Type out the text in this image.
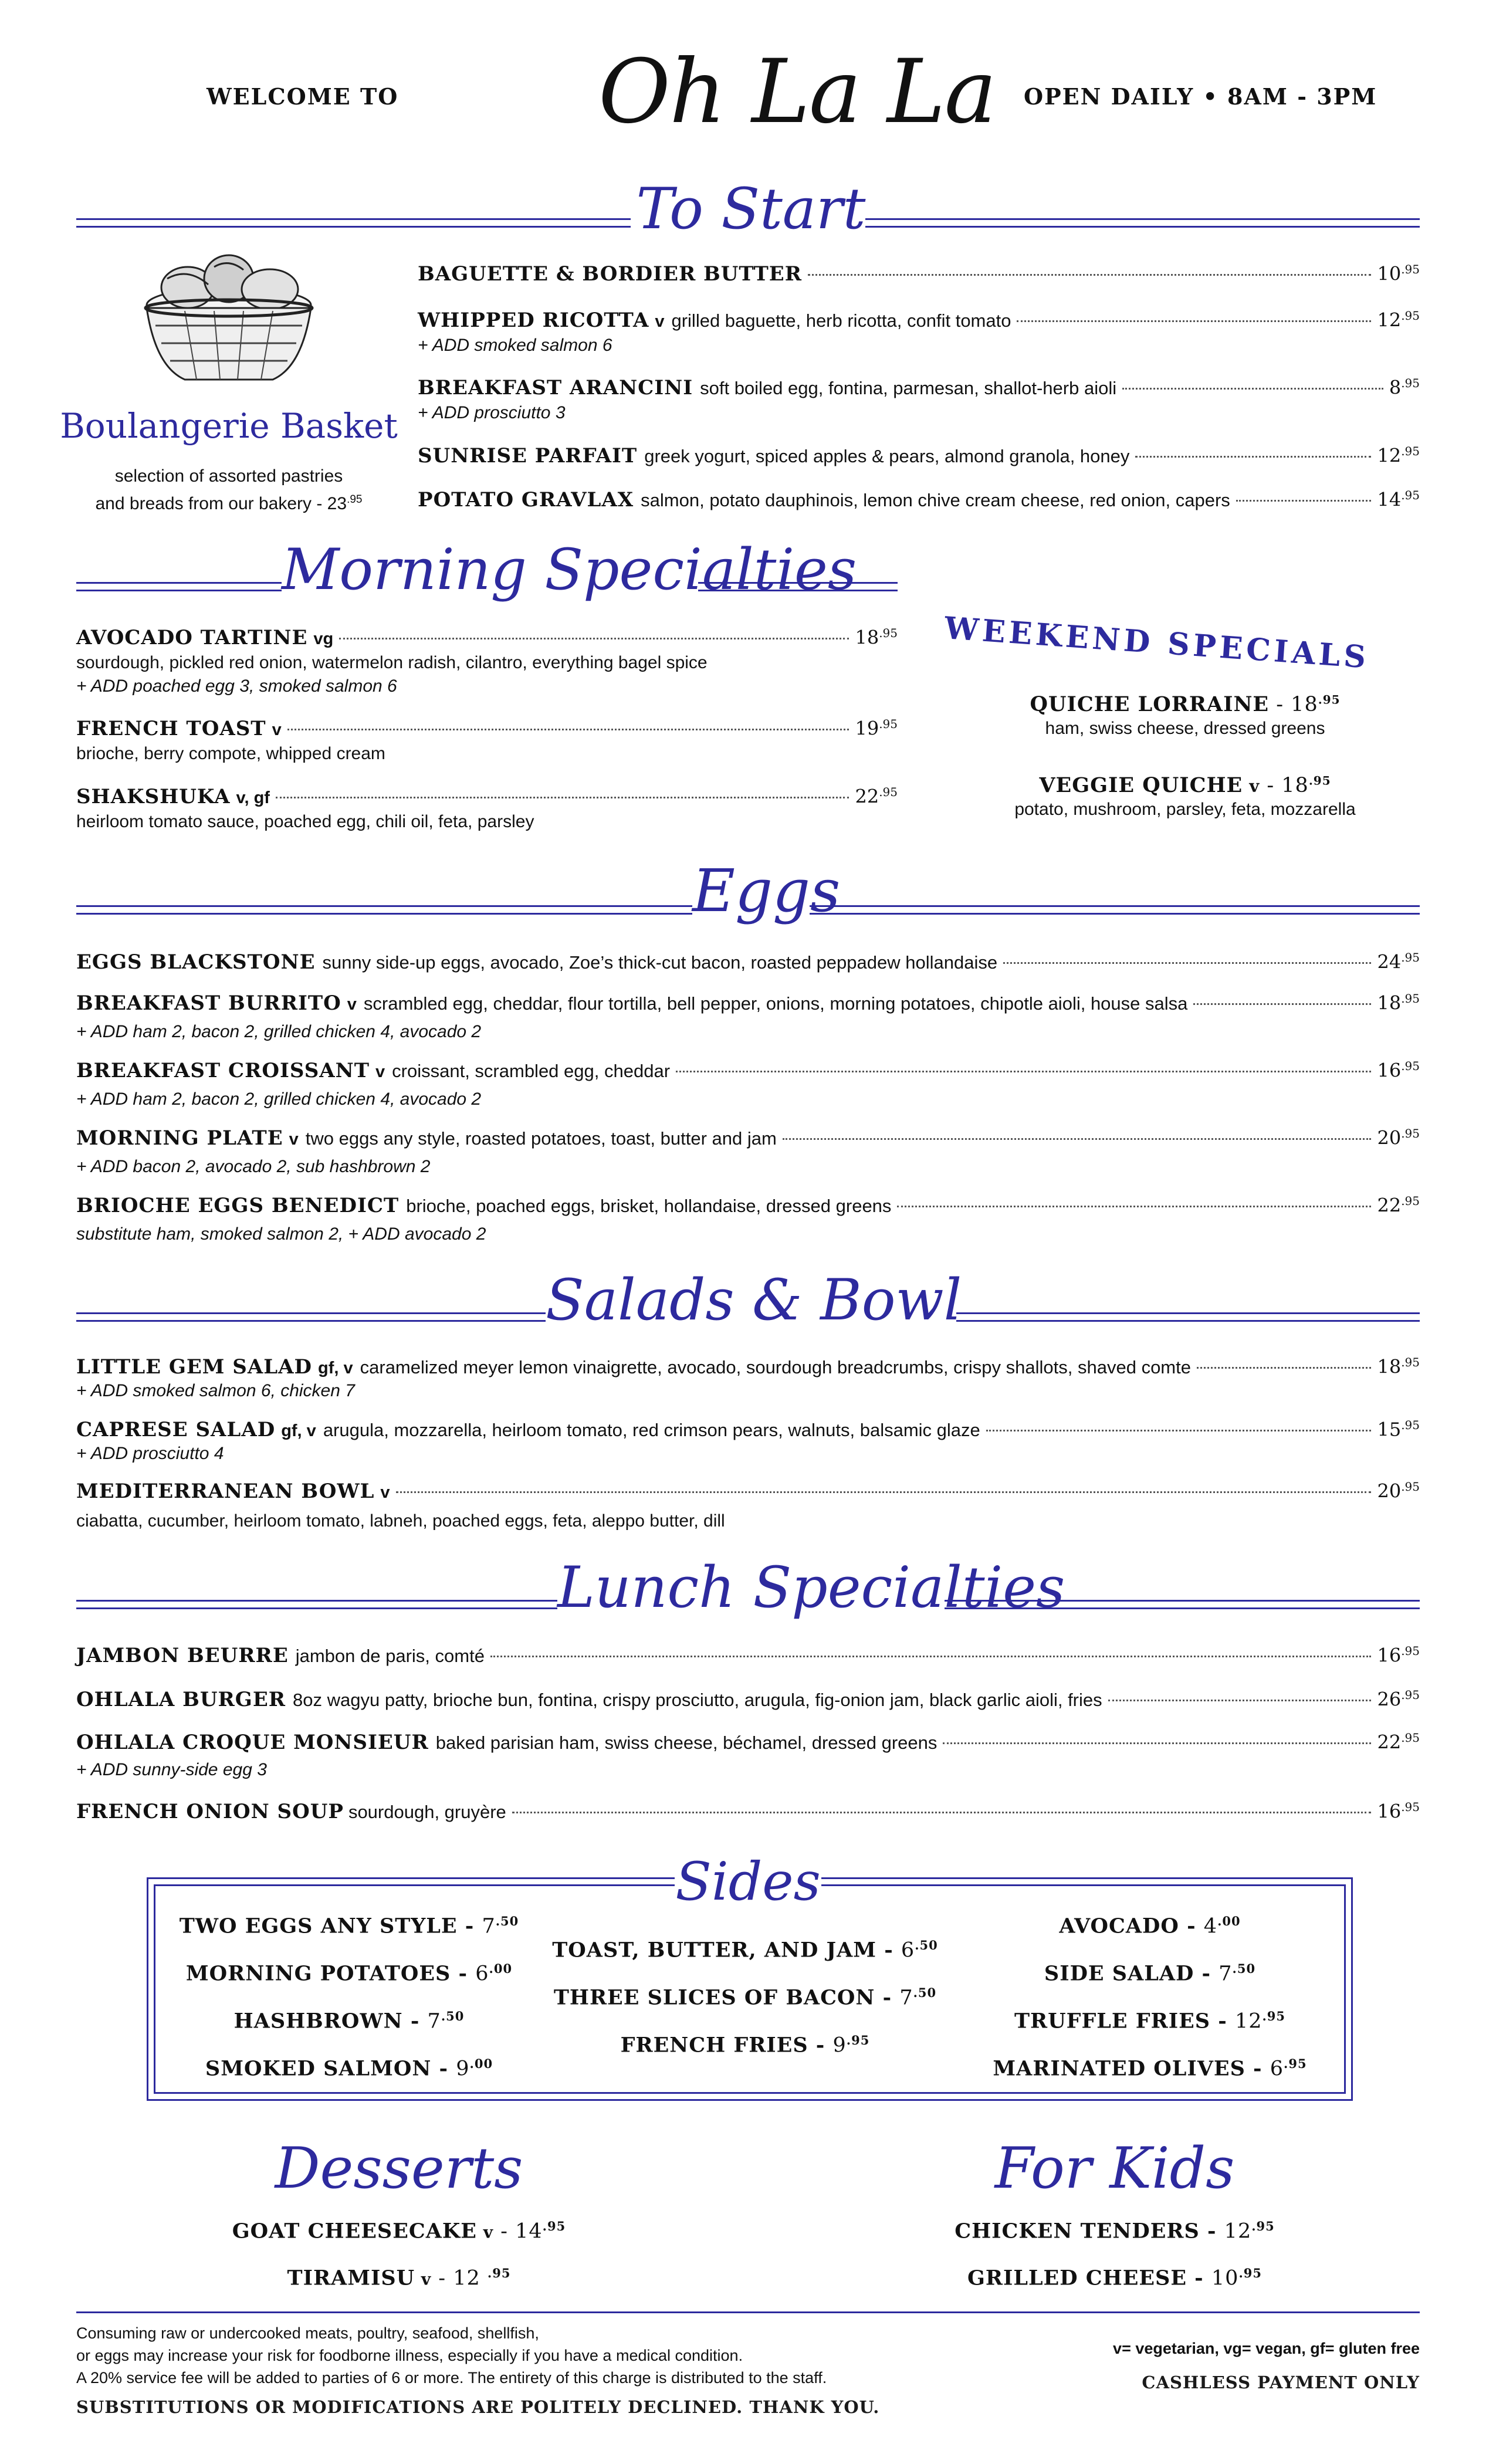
WELCOME TO Oh La La OPEN DAILY • 8AM - 3PM
To Start
Boulangerie Basket
selection of assorted pastries
and breads from our bakery - $23^{.95}$
BAGUETTE & BORDIER BUTTER	$10^{.95}$
WHIPPED RICOTTA v grilled baguette, herb ricotta, confit tomato	$12^{.95}$
+ ADD smoked salmon 6
BREAKFAST ARANCINI soft boiled egg, fontina, parmesan, shallot-herb aioli	$8^{.95}$
+ ADD prosciutto 3
SUNRISE PARFAIT greek yogurt, spiced apples & pears, almond granola, honey	$12^{.95}$
POTATO GRAVLAX salmon, potato dauphinois, lemon chive cream cheese, red onion, capers	$14^{.95}$
Morning Specialties
AVOCADO TARTINE vg	$18^{.95}$
sourdough, pickled red onion, watermelon radish, cilantro, everything bagel spice
+ ADD poached egg 3, smoked salmon 6
FRENCH TOAST v	$19^{.95}$
brioche, berry compote, whipped cream
SHAKSHUKA v, gf	$22^{.95}$
heirloom tomato sauce, poached egg, chili oil, feta, parsley
WEEKEND SPECIALS
QUICHE LORRAINE - $18^{.95}$
ham, swiss cheese, dressed greens
VEGGIE QUICHE v - $18^{.95}$
potato, mushroom, parsley, feta, mozzarella
Eggs
EGGS BLACKSTONE sunny side-up eggs, avocado, Zoe’s thick-cut bacon, roasted peppadew hollandaise	$24^{.95}$
BREAKFAST BURRITO v scrambled egg, cheddar, flour tortilla, bell pepper, onions, morning potatoes, chipotle aioli, house salsa	$18^{.95}$
+ ADD ham 2, bacon 2, grilled chicken 4, avocado 2
BREAKFAST CROISSANT v croissant, scrambled egg, cheddar	$16^{.95}$
+ ADD ham 2, bacon 2, grilled chicken 4, avocado 2
MORNING PLATE v two eggs any style, roasted potatoes, toast, butter and jam	$20^{.95}$
+ ADD bacon 2, avocado 2, sub hashbrown 2
BRIOCHE EGGS BENEDICT brioche, poached eggs, brisket, hollandaise, dressed greens	$22^{.95}$
substitute ham, smoked salmon 2, + ADD avocado 2
Salads & Bowl
LITTLE GEM SALAD gf, v caramelized meyer lemon vinaigrette, avocado, sourdough breadcrumbs, crispy shallots, shaved comte	$18^{.95}$
+ ADD smoked salmon 6, chicken 7
CAPRESE SALAD gf, v arugula, mozzarella, heirloom tomato, red crimson pears, walnuts, balsamic glaze	$15^{.95}$
+ ADD prosciutto 4
MEDITERRANEAN BOWL v	$20^{.95}$
ciabatta, cucumber, heirloom tomato, labneh, poached eggs, feta, aleppo butter, dill
Lunch Specialties
JAMBON BEURRE jambon de paris, comté	$16^{.95}$
OHLALA BURGER 8oz wagyu patty, brioche bun, fontina, crispy prosciutto, arugula, fig-onion jam, black garlic aioli, fries	$26^{.95}$
OHLALA CROQUE MONSIEUR baked parisian ham, swiss cheese, béchamel, dressed greens	$22^{.95}$
+ ADD sunny-side egg 3
FRENCH ONION SOUP sourdough, gruyère	$16^{.95}$
Sides
TWO EGGS ANY STYLE - $7^{.50}$
MORNING POTATOES - $6^{.00}$
HASHBROWN - $7^{.50}$
SMOKED SALMON - $9^{.00}$
TOAST, BUTTER, AND JAM - $6^{.50}$
THREE SLICES OF BACON - $7^{.50}$
FRENCH FRIES - $9^{.95}$
AVOCADO - $4^{.00}$
SIDE SALAD - $7^{.50}$
TRUFFLE FRIES - $12^{.95}$
MARINATED OLIVES - $6^{.95}$
Desserts
GOAT CHEESECAKE v - $14^{.95}$
TIRAMISU v - 12 $^{.95}$
For Kids
CHICKEN TENDERS - $12^{.95}$
GRILLED CHEESE - $10^{.95}$
Consuming raw or undercooked meats, poultry, seafood, shellfish,
or eggs may increase your risk for foodborne illness, especially if you have a medical condition.
A 20% service fee will be added to parties of 6 or more. The entirety of this charge is distributed to the staff.
SUBSTITUTIONS OR MODIFICATIONS ARE POLITELY DECLINED. THANK YOU.
v= vegetarian, vg= vegan, gf= gluten free
CASHLESS PAYMENT ONLY
